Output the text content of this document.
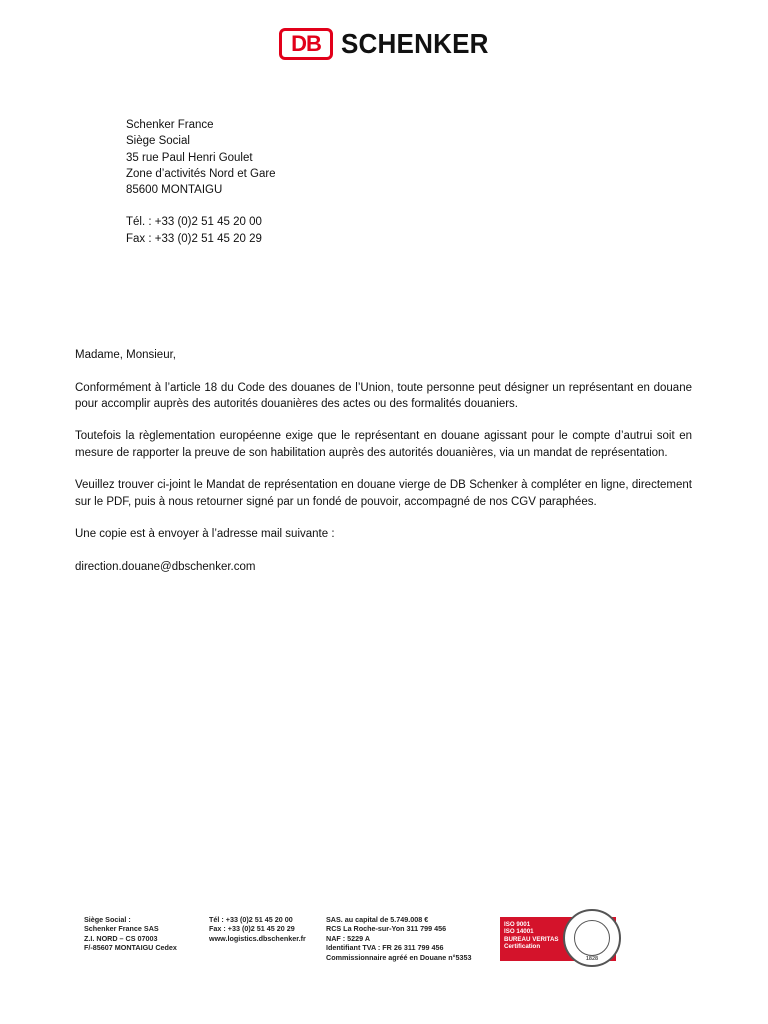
DB SCHENKER
Schenker France
Siège Social
35 rue Paul Henri Goulet
Zone d’activités Nord et Gare
85600 MONTAIGU
Tél. : +33 (0)2 51 45 20 00
Fax : +33 (0)2 51 45 20 29

Madame, Monsieur,

Conformément à l’article 18 du Code des douanes de l’Union, toute personne peut désigner un représentant en douane pour accomplir auprès des autorités douanières des actes ou des formalités douaniers.

Toutefois la règlementation européenne exige que le représentant en douane agissant pour le compte d’autrui soit en mesure de rapporter la preuve de son habilitation auprès des autorités douanières, via un mandat de représentation.

Veuillez trouver ci-joint le Mandat de représentation en douane vierge de DB Schenker à compléter en ligne, directement sur le PDF, puis à nous retourner signé par un fondé de pouvoir, accompagné de nos CGV paraphées.

Une copie est à envoyer à l’adresse mail suivante :

direction.douane@dbschenker.com

Siège Social :
Schenker France SAS
Z.I. NORD – CS 07003
F/-85607 MONTAIGU Cedex
Tél : +33 (0)2 51 45 20 00
Fax : +33 (0)2 51 45 20 29
www.logistics.dbschenker.fr
SAS. au capital de 5.749.008 €
RCS La Roche-sur-Yon 311 799 456
NAF : 5229 A
Identifiant TVA : FR 26 311 799 456
Commissionnaire agréé en Douane n°5353
ISO 9001
ISO 14001
BUREAU VERITAS
Certification
1828
